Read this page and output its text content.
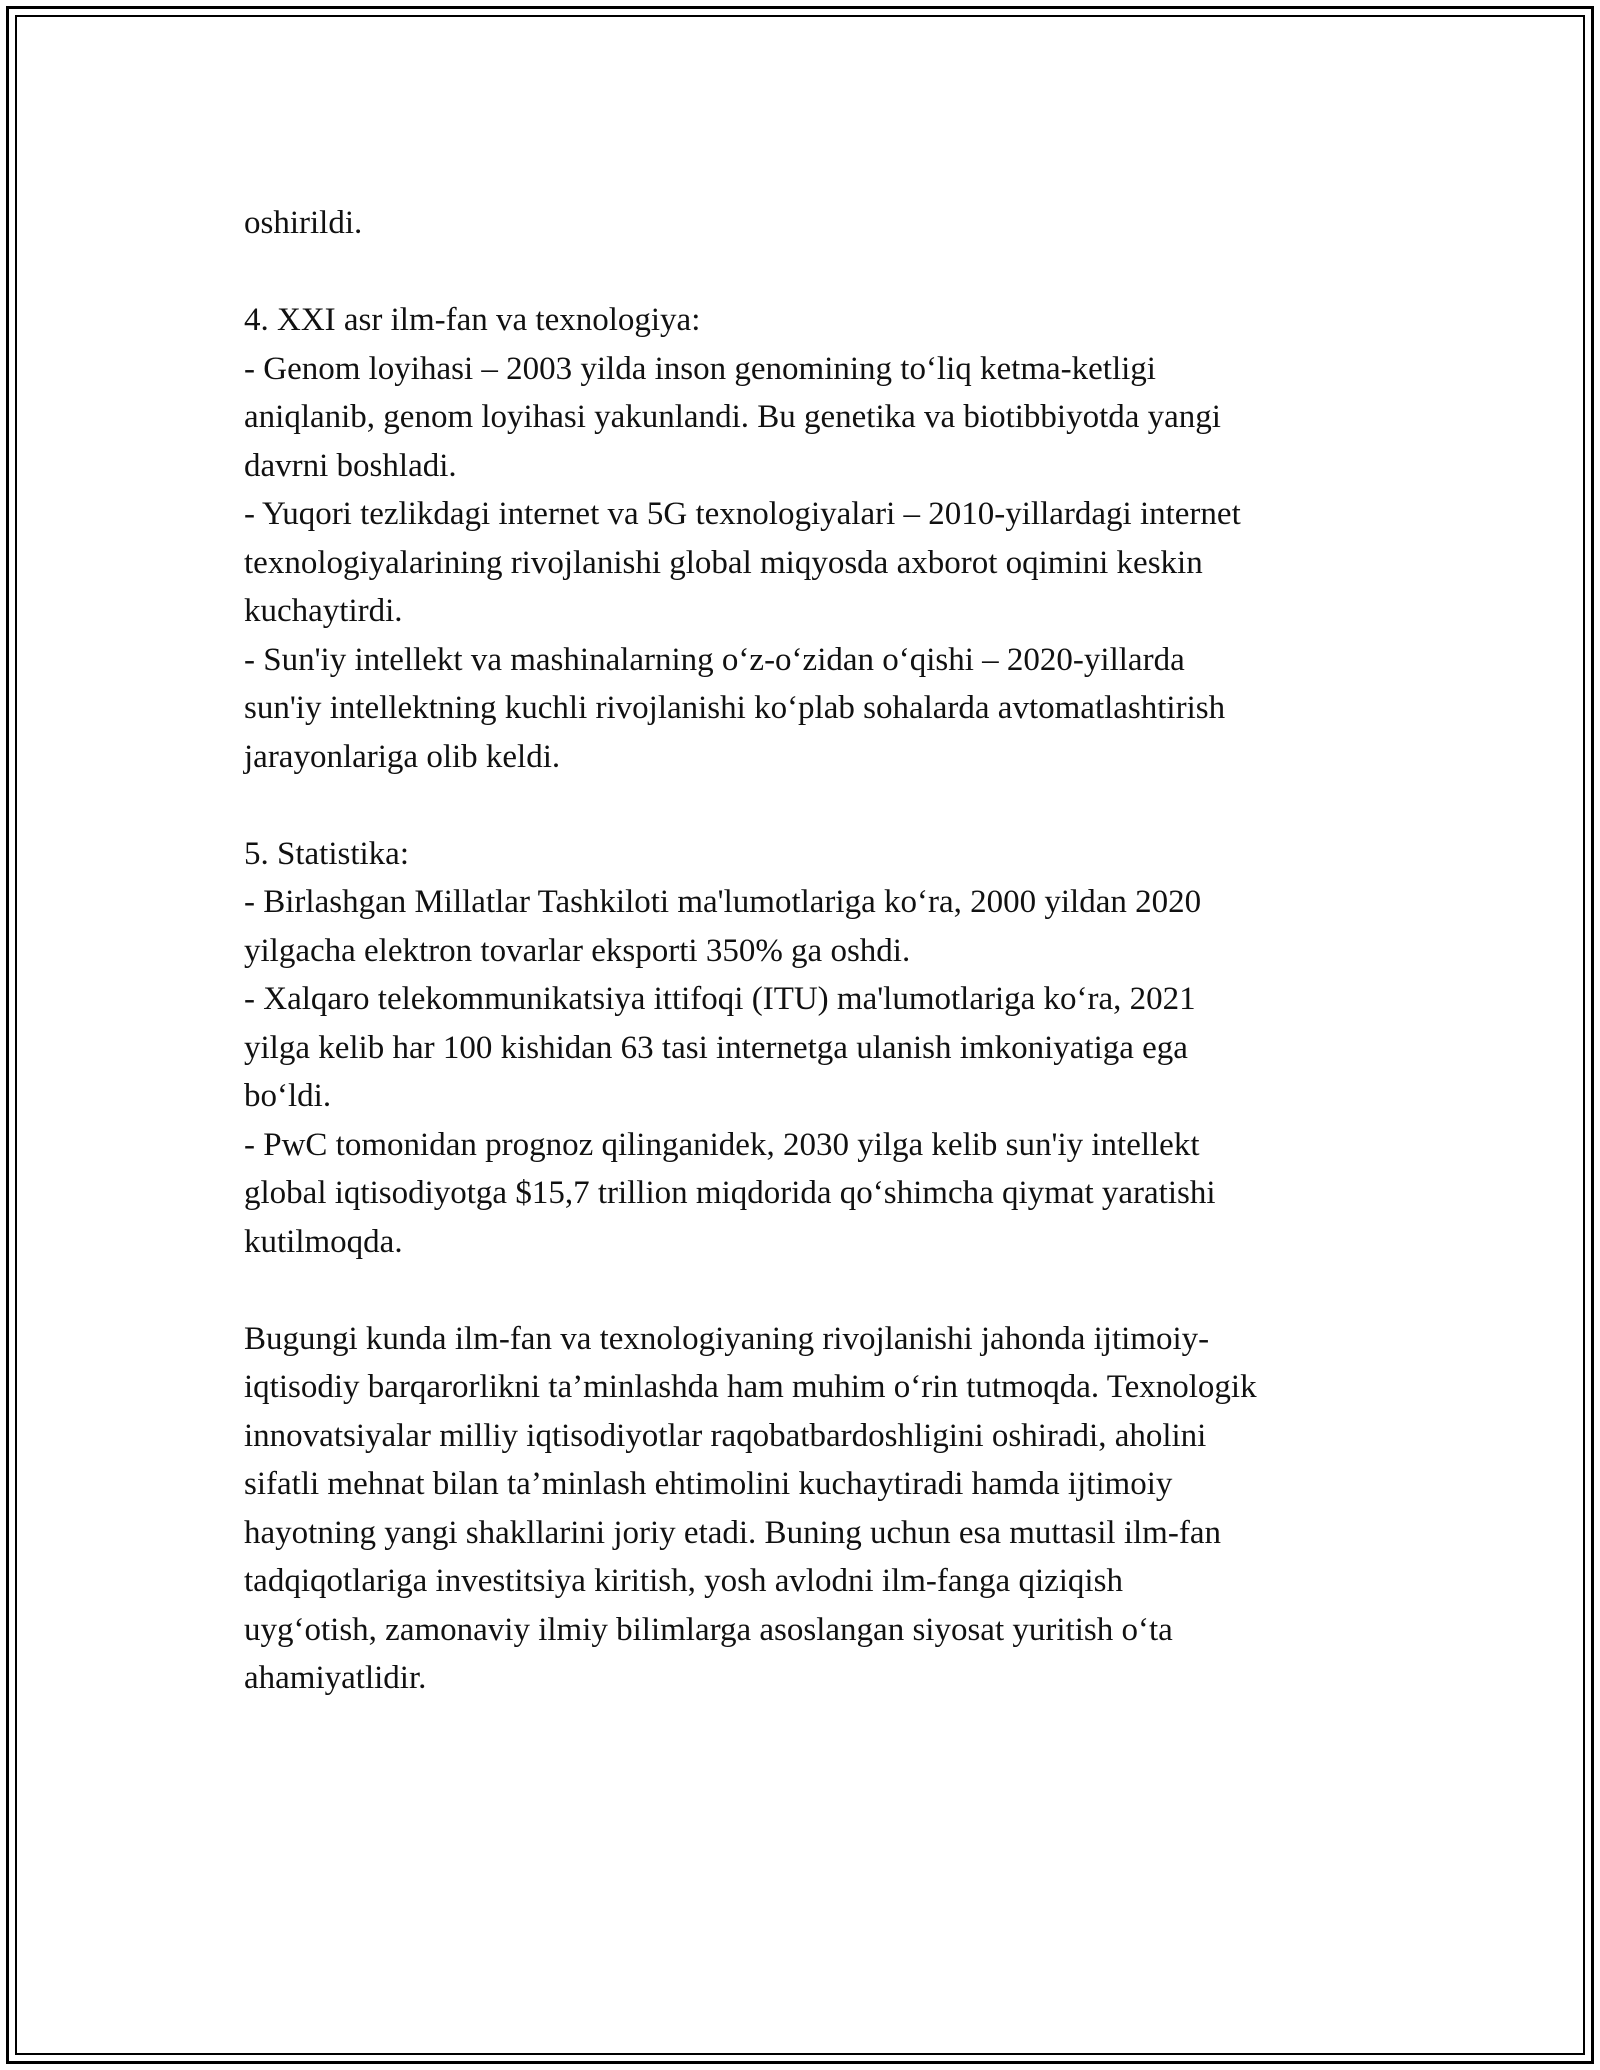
oshirildi.
4. XXI asr ilm-fan va texnologiya:
- Genom loyihasi – 2003 yilda inson genomining to‘liq ketma-ketligi
aniqlanib, genom loyihasi yakunlandi. Bu genetika va biotibbiyotda yangi
davrni boshladi.
- Yuqori tezlikdagi internet va 5G texnologiyalari – 2010-yillardagi internet
texnologiyalarining rivojlanishi global miqyosda axborot oqimini keskin
kuchaytirdi.
- Sun'iy intellekt va mashinalarning o‘z-o‘zidan o‘qishi – 2020-yillarda
sun'iy intellektning kuchli rivojlanishi ko‘plab sohalarda avtomatlashtirish
jarayonlariga olib keldi.
5. Statistika:
- Birlashgan Millatlar Tashkiloti ma'lumotlariga ko‘ra, 2000 yildan 2020
yilgacha elektron tovarlar eksporti 350% ga oshdi.
- Xalqaro telekommunikatsiya ittifoqi (ITU) ma'lumotlariga ko‘ra, 2021
yilga kelib har 100 kishidan 63 tasi internetga ulanish imkoniyatiga ega
bo‘ldi.
- PwC tomonidan prognoz qilinganidek, 2030 yilga kelib sun'iy intellekt
global iqtisodiyotga $15,7 trillion miqdorida qo‘shimcha qiymat yaratishi
kutilmoqda.
Bugungi kunda ilm-fan va texnologiyaning rivojlanishi jahonda ijtimoiy-
iqtisodiy barqarorlikni ta’minlashda ham muhim o‘rin tutmoqda. Texnologik
innovatsiyalar milliy iqtisodiyotlar raqobatbardoshligini oshiradi, aholini
sifatli mehnat bilan ta’minlash ehtimolini kuchaytiradi hamda ijtimoiy
hayotning yangi shakllarini joriy etadi. Buning uchun esa muttasil ilm-fan
tadqiqotlariga investitsiya kiritish, yosh avlodni ilm-fanga qiziqish
uyg‘otish, zamonaviy ilmiy bilimlarga asoslangan siyosat yuritish o‘ta
ahamiyatlidir.
